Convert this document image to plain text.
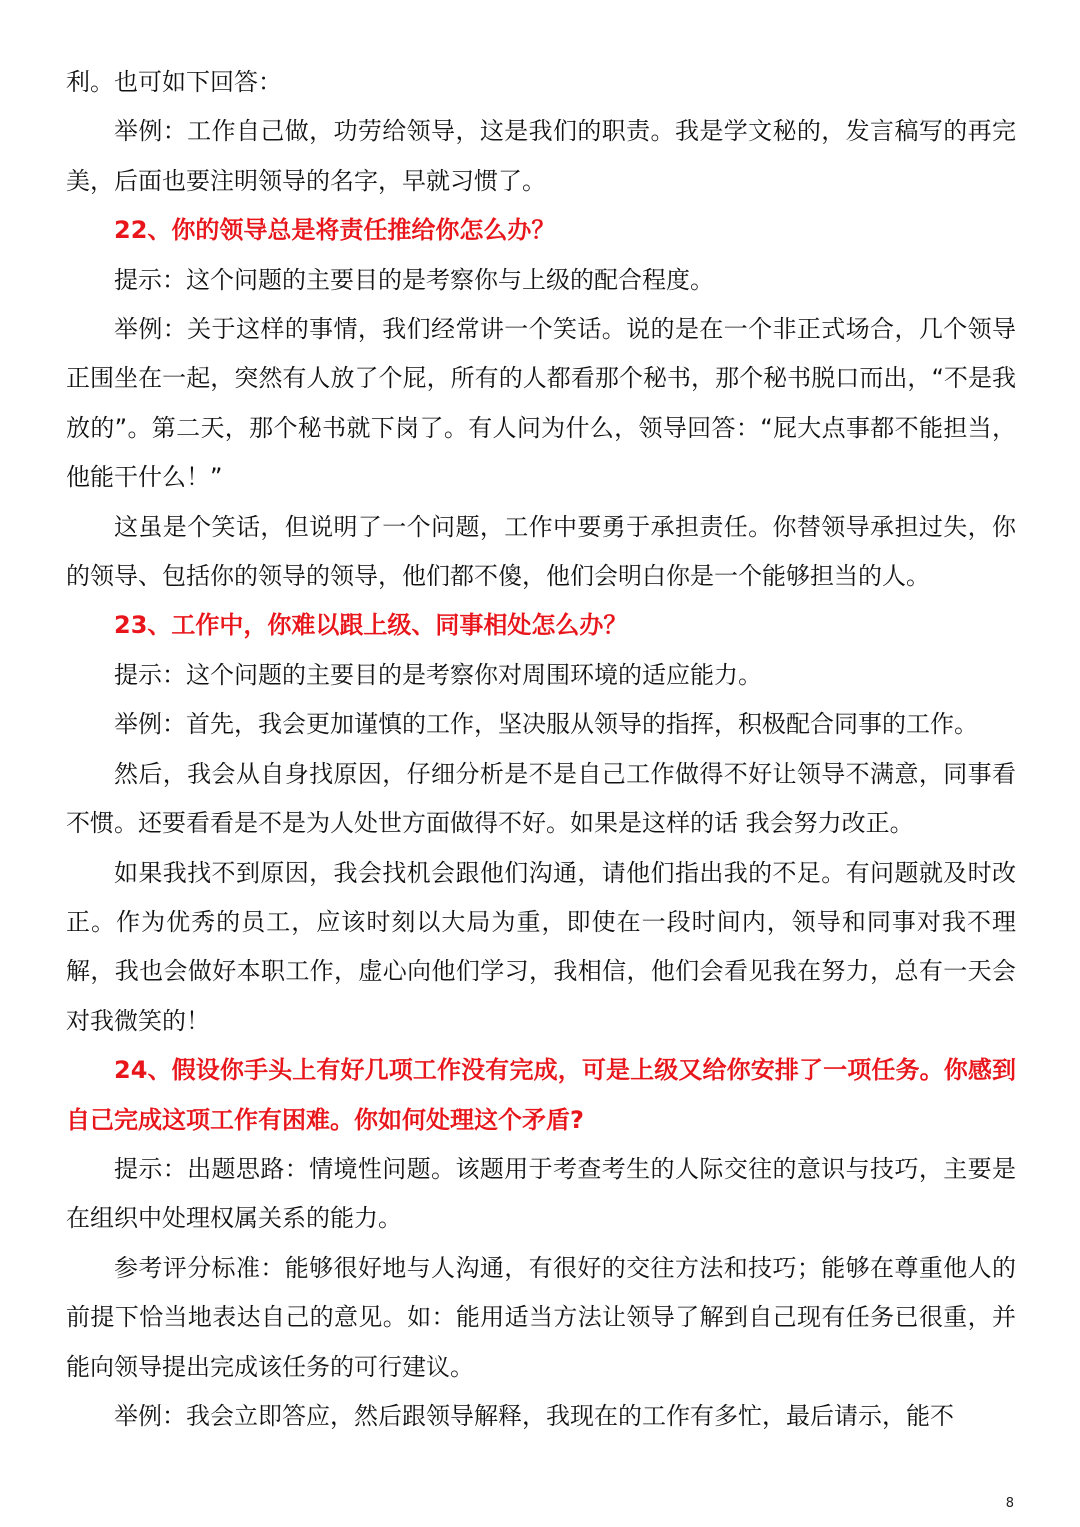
利。也可如下回答：

举例：工作自己做，功劳给领导，这是我们的职责。我是学文秘的，发言稿写的再完美，后面也要注明领导的名字，早就习惯了。

22、你的领导总是将责任推给你怎么办？

提示：这个问题的主要目的是考察你与上级的配合程度。

举例：关于这样的事情，我们经常讲一个笑话。说的是在一个非正式场合，几个领导正围坐在一起，突然有人放了个屁，所有的人都看那个秘书，那个秘书脱口而出，“不是我放的”。第二天，那个秘书就下岗了。有人问为什么，领导回答：“屁大点事都不能担当，他能干什么！”

这虽是个笑话，但说明了一个问题，工作中要勇于承担责任。你替领导承担过失，你的领导、包括你的领导的领导，他们都不傻，他们会明白你是一个能够担当的人。

23、工作中，你难以跟上级、同事相处怎么办？

提示：这个问题的主要目的是考察你对周围环境的适应能力。

举例：首先，我会更加谨慎的工作，坚决服从领导的指挥，积极配合同事的工作。

然后，我会从自身找原因，仔细分析是不是自己工作做得不好让领导不满意，同事看不惯。还要看看是不是为人处世方面做得不好。如果是这样的话 我会努力改正。

如果我找不到原因，我会找机会跟他们沟通，请他们指出我的不足。有问题就及时改正。作为优秀的员工，应该时刻以大局为重，即使在一段时间内，领导和同事对我不理解，我也会做好本职工作，虚心向他们学习，我相信，他们会看见我在努力，总有一天会对我微笑的！

24、假设你手头上有好几项工作没有完成，可是上级又给你安排了一项任务。你感到自己完成这项工作有困难。你如何处理这个矛盾?

提示：出题思路：情境性问题。该题用于考查考生的人际交往的意识与技巧，主要是在组织中处理权属关系的能力。

参考评分标准：能够很好地与人沟通，有很好的交往方法和技巧；能够在尊重他人的前提下恰当地表达自己的意见。如：能用适当方法让领导了解到自己现有任务已很重，并能向领导提出完成该任务的可行建议。

举例：我会立即答应，然后跟领导解释，我现在的工作有多忙，最后请示，能不

8
